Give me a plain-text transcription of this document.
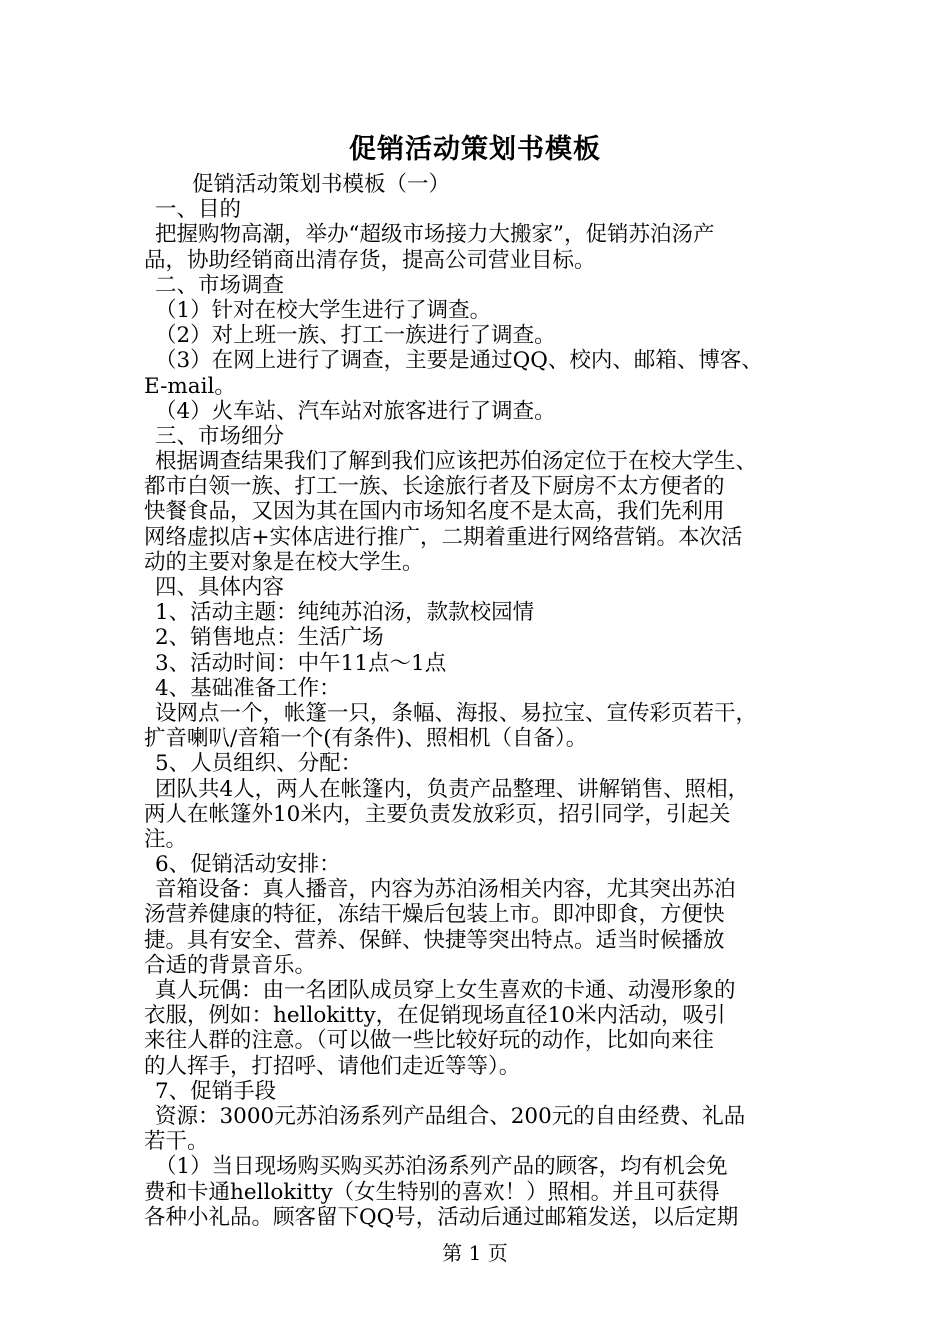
促销活动策划书模板
促销活动策划书模板（一）
一、目的
把握购物高潮，举办“超级市场接力大搬家”，促销苏泊汤产
品，协助经销商出清存货，提高公司营业目标。
二、市场调查
（1）针对在校大学生进行了调查。
（2）对上班一族、打工一族进行了调查。
（3）在网上进行了调查，主要是通过QQ、校内、邮箱、博客、
E-mail。
（4）火车站、汽车站对旅客进行了调查。
三、市场细分
根据调查结果我们了解到我们应该把苏伯汤定位于在校大学生、
都市白领一族、打工一族、长途旅行者及下厨房不太方便者的
快餐食品，又因为其在国内市场知名度不是太高，我们先利用
网络虚拟店+实体店进行推广，二期着重进行网络营销。本次活
动的主要对象是在校大学生。
四、具体内容
1、活动主题：纯纯苏泊汤，款款校园情
2、销售地点：生活广场
3、活动时间：中午11点～1点
4、基础准备工作：
设网点一个，帐篷一只，条幅、海报、易拉宝、宣传彩页若干，
扩音喇叭/音箱一个(有条件)、照相机（自备）。
5、人员组织、分配：
团队共4人，两人在帐篷内，负责产品整理、讲解销售、照相，
两人在帐篷外10米内，主要负责发放彩页，招引同学，引起关
注。
6、促销活动安排：
音箱设备：真人播音，内容为苏泊汤相关内容，尤其突出苏泊
汤营养健康的特征，冻结干燥后包装上市。即冲即食，方便快
捷。具有安全、营养、保鲜、快捷等突出特点。适当时候播放
合适的背景音乐。
真人玩偶：由一名团队成员穿上女生喜欢的卡通、动漫形象的
衣服，例如：hellokitty，在促销现场直径10米内活动，吸引
来往人群的注意。（可以做一些比较好玩的动作，比如向来往
的人挥手，打招呼、请他们走近等等）。
7、促销手段
资源：3000元苏泊汤系列产品组合、200元的自由经费、礼品
若干。
（1）当日现场购买购买苏泊汤系列产品的顾客，均有机会免
费和卡通hellokitty（女生特别的喜欢！）照相。并且可获得
各种小礼品。顾客留下QQ号，活动后通过邮箱发送，以后定期
第 1 页
